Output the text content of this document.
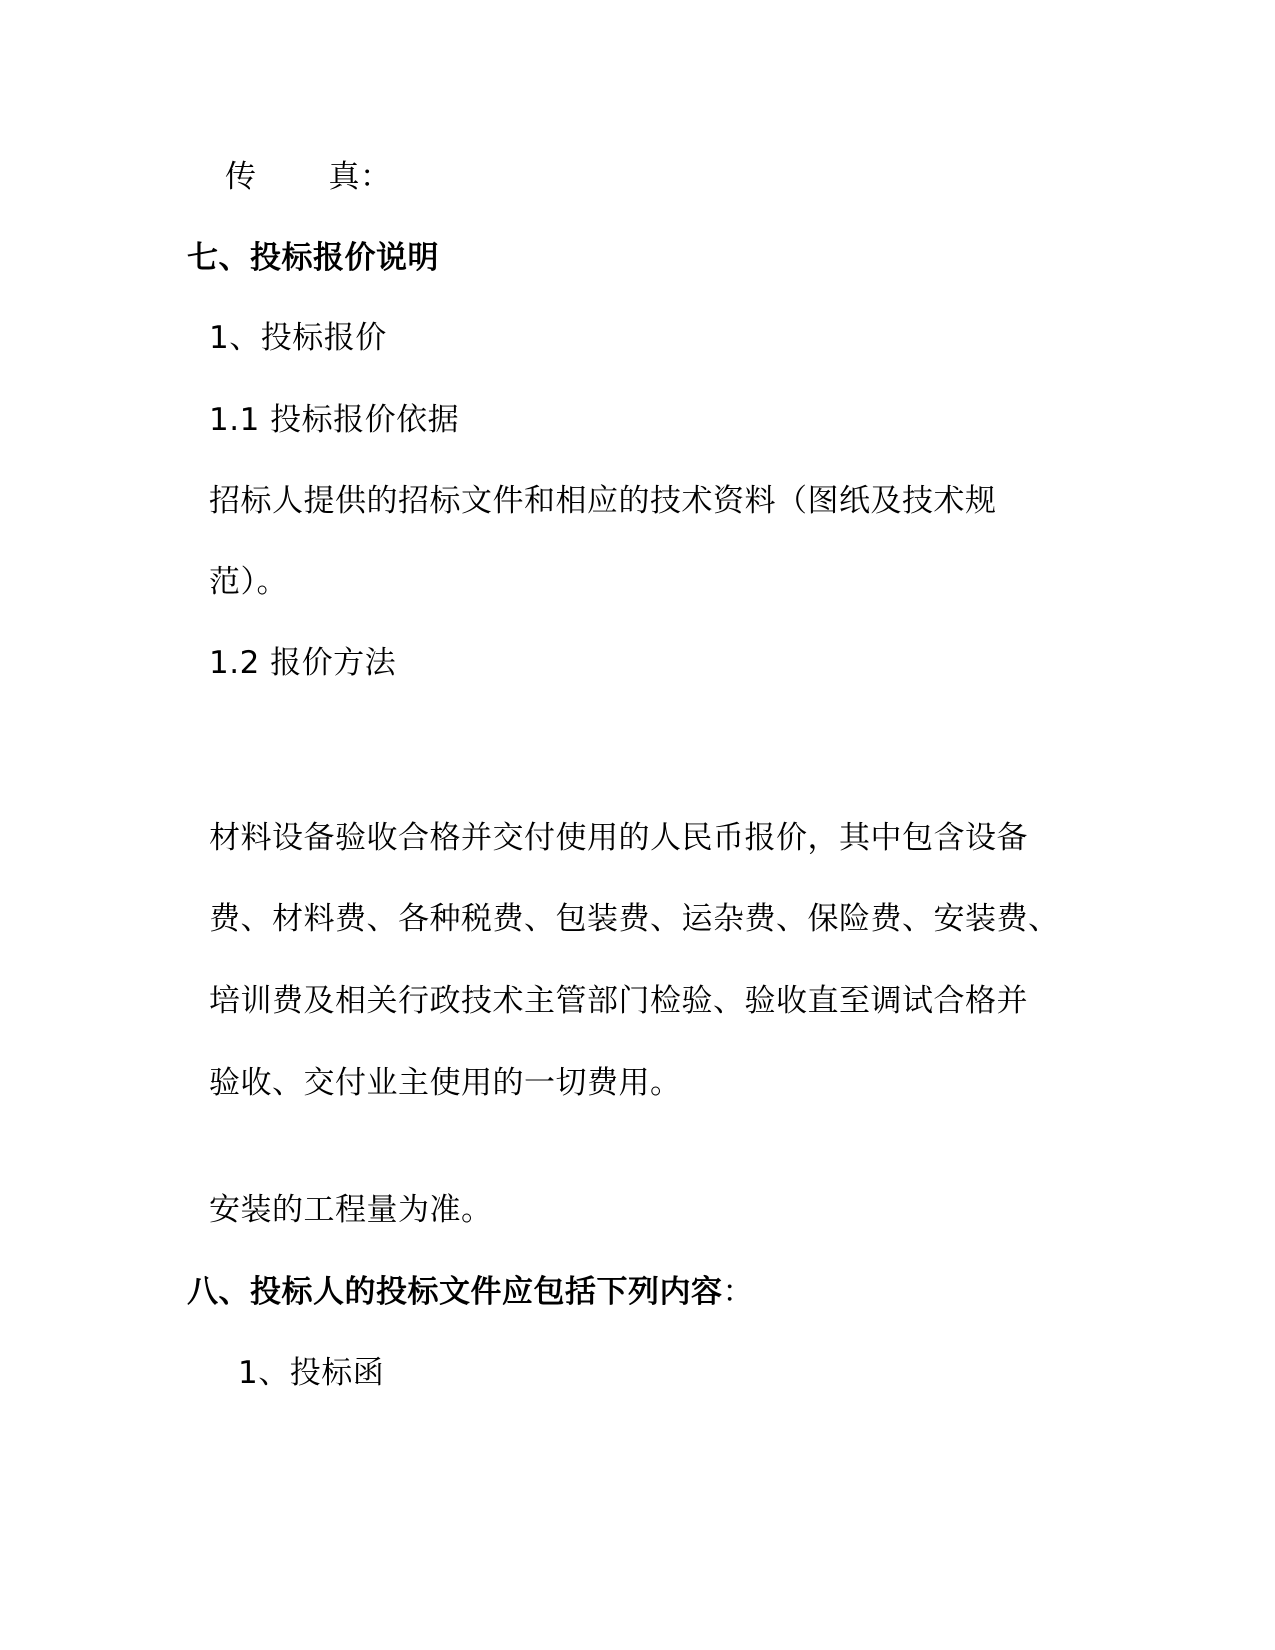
传 真：
七、投标报价说明
1、投标报价
1.1 投标报价依据
招标人提供的招标文件和相应的技术资料（图纸及技术规
范）。
1.2 报价方法
材料设备验收合格并交付使用的人民币报价，其中包含设备
费、材料费、各种税费、包装费、运杂费、保险费、安装费、
培训费及相关行政技术主管部门检验、验收直至调试合格并
验收、交付业主使用的一切费用。
安装的工程量为准。
八、投标人的投标文件应包括下列内容：
1、投标函
